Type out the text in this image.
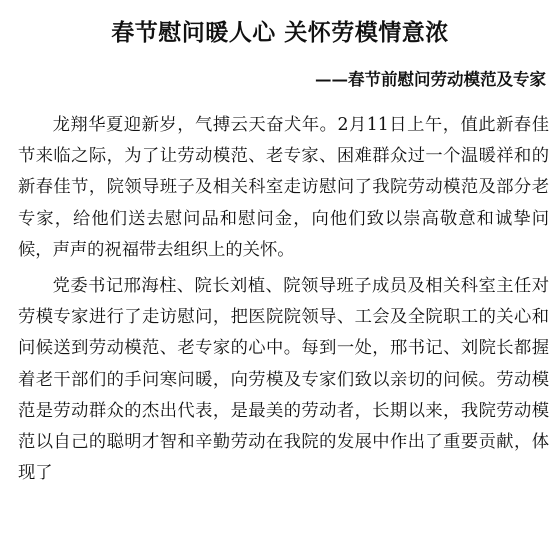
春节慰问暖人心 关怀劳模情意浓
——春节前慰问劳动模范及专家

龙翔华夏迎新岁，气搏云天奋犬年。2月11日上午，值此新春佳节来临之际，为了让劳动模范、老专家、困难群众过一个温暖祥和的新春佳节，院领导班子及相关科室走访慰问了我院劳动模范及部分老专家，给他们送去慰问品和慰问金，向他们致以崇高敬意和诚挚问候，声声的祝福带去组织上的关怀。

党委书记邢海柱、院长刘植、院领导班子成员及相关科室主任对劳模专家进行了走访慰问，把医院院领导、工会及全院职工的关心和问候送到劳动模范、老专家的心中。每到一处，邢书记、刘院长都握着老干部们的手问寒问暖，向劳模及专家们致以亲切的问候。劳动模范是劳动群众的杰出代表，是最美的劳动者，长期以来，我院劳动模范以自己的聪明才智和辛勤劳动在我院的发展中作出了重要贡献，体现了
